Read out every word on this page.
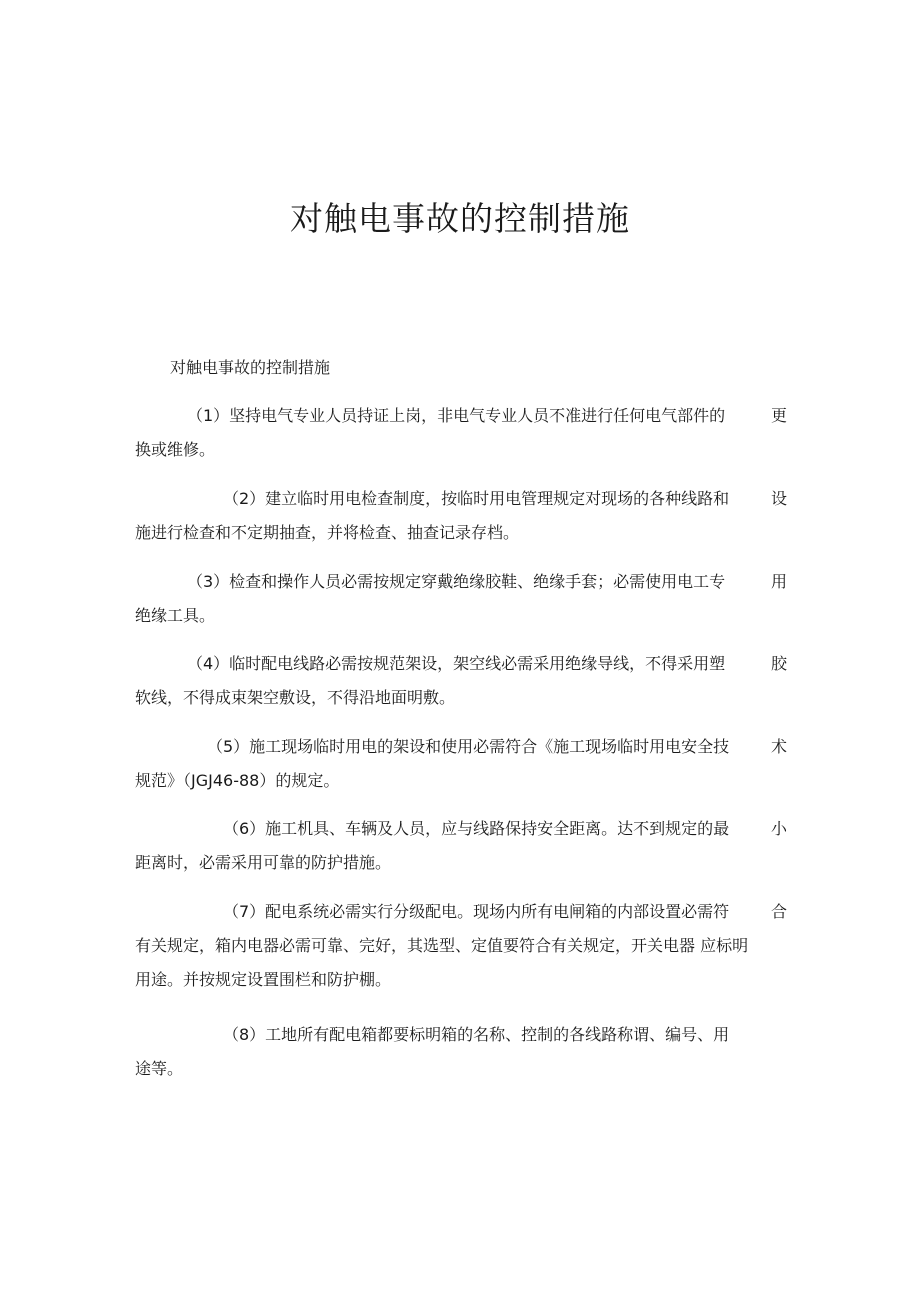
对触电事故的控制措施
对触电事故的控制措施
（1）坚持电气专业人员持证上岗，非电气专业人员不准进行任何电气部件的	更
换或维修。
（2）建立临时用电检查制度，按临时用电管理规定对现场的各种线路和	设
施进行检查和不定期抽查，并将检查、抽查记录存档。
（3）检查和操作人员必需按规定穿戴绝缘胶鞋、绝缘手套；必需使用电工专	用
绝缘工具。
（4）临时配电线路必需按规范架设，架空线必需采用绝缘导线，不得采用塑	胶
软线，不得成束架空敷设，不得沿地面明敷。
（5）施工现场临时用电的架设和使用必需符合《施工现场临时用电安全技	术
规范》（JGJ46-88）的规定。
（6）施工机具、车辆及人员，应与线路保持安全距离。达不到规定的最	小
距离时，必需采用可靠的防护措施。
（7）配电系统必需实行分级配电。现场内所有电闸箱的内部设置必需符	合
有关规定，箱内电器必需可靠、完好，其选型、定值要符合有关规定，开关电器 应标明
用途。并按规定设置围栏和防护棚。
（8）工地所有配电箱都要标明箱的名称、控制的各线路称谓、编号、用
途等。
